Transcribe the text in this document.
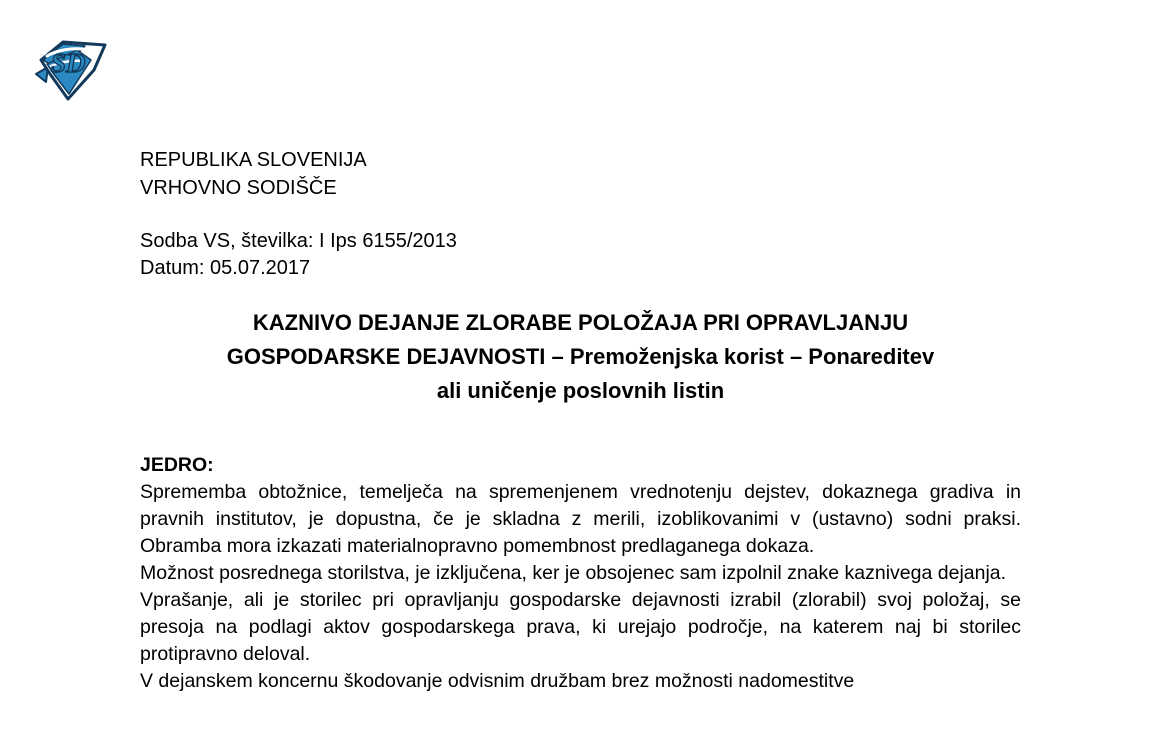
SD
REPUBLIKA SLOVENIJA
VRHOVNO SODIŠČE
Sodba VS, številka: I Ips 6155/2013
Datum: 05.07.2017
KAZNIVO DEJANJE ZLORABE POLOŽAJA PRI OPRAVLJANJU
GOSPODARSKE DEJAVNOSTI – Premoženjska korist – Ponareditev
ali uničenje poslovnih listin

JEDRO:

Sprememba obtožnice, temelječa na spremenjenem vrednotenju dejstev, dokaznega gradiva in pravnih institutov, je dopustna, če je skladna z merili, izoblikovanimi v (ustavno) sodni praksi. Obramba mora izkazati materialnopravno pomembnost predlaganega dokaza.

Možnost posrednega storilstva, je izključena, ker je obsojenec sam izpolnil znake kaznivega dejanja.

Vprašanje, ali je storilec pri opravljanju gospodarske dejavnosti izrabil (zlorabil) svoj položaj, se presoja na podlagi aktov gospodarskega prava, ki urejajo področje, na katerem naj bi storilec protipravno deloval.

V dejanskem koncernu škodovanje odvisnim družbam brez možnosti nadomestitve
